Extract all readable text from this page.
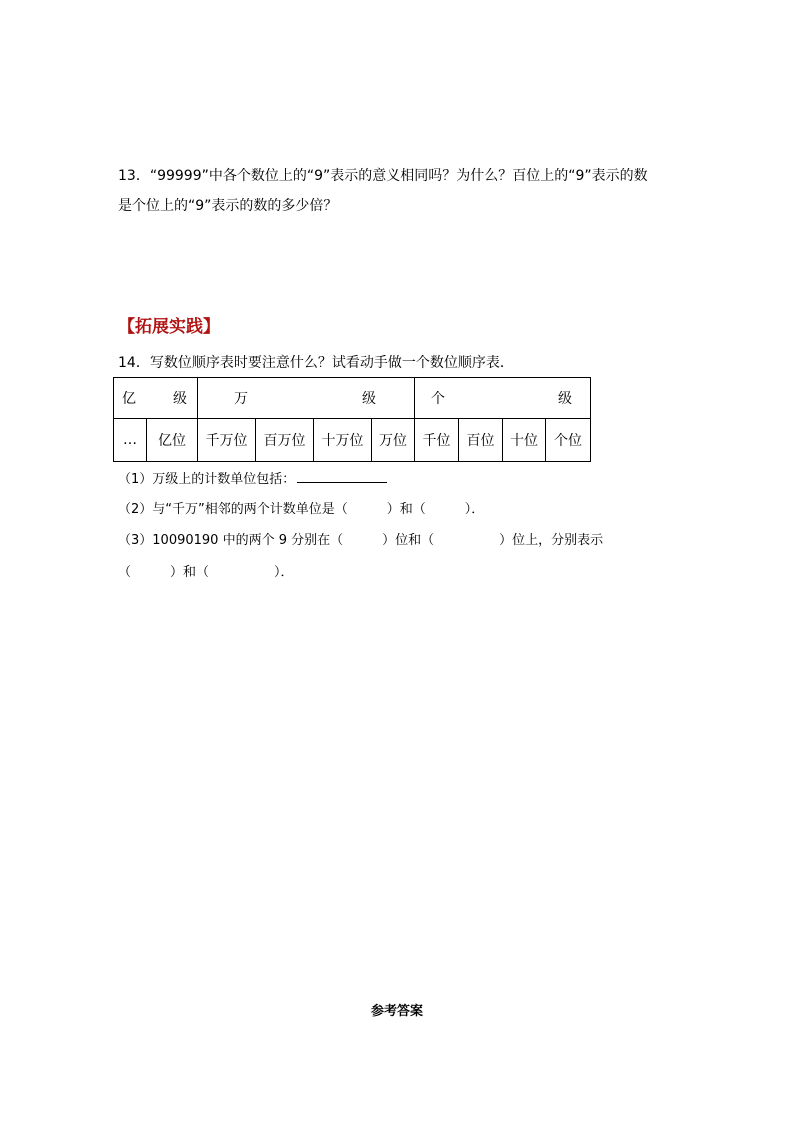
13．“99999”中各个数位上的“9”表示的意义相同吗？为什么？百位上的“9”表示的数
是个位上的“9”表示的数的多少倍？
【拓展实践】
14．写数位顺序表时要注意什么？试看动手做一个数位顺序表．
亿 级		万 级				个 级			

…	亿位	千万位	百万位	十万位	万位	千位	百位	十位	个位
（1）万级上的计数单位包括：
（2）与“千万”相邻的两个计数单位是（　　　）和（　　　）．
（3）10090190 中的两个 9 分别在（　　　）位和（　　　　　）位上，分别表示
（　　　）和（　　　　　）．
参考答案
